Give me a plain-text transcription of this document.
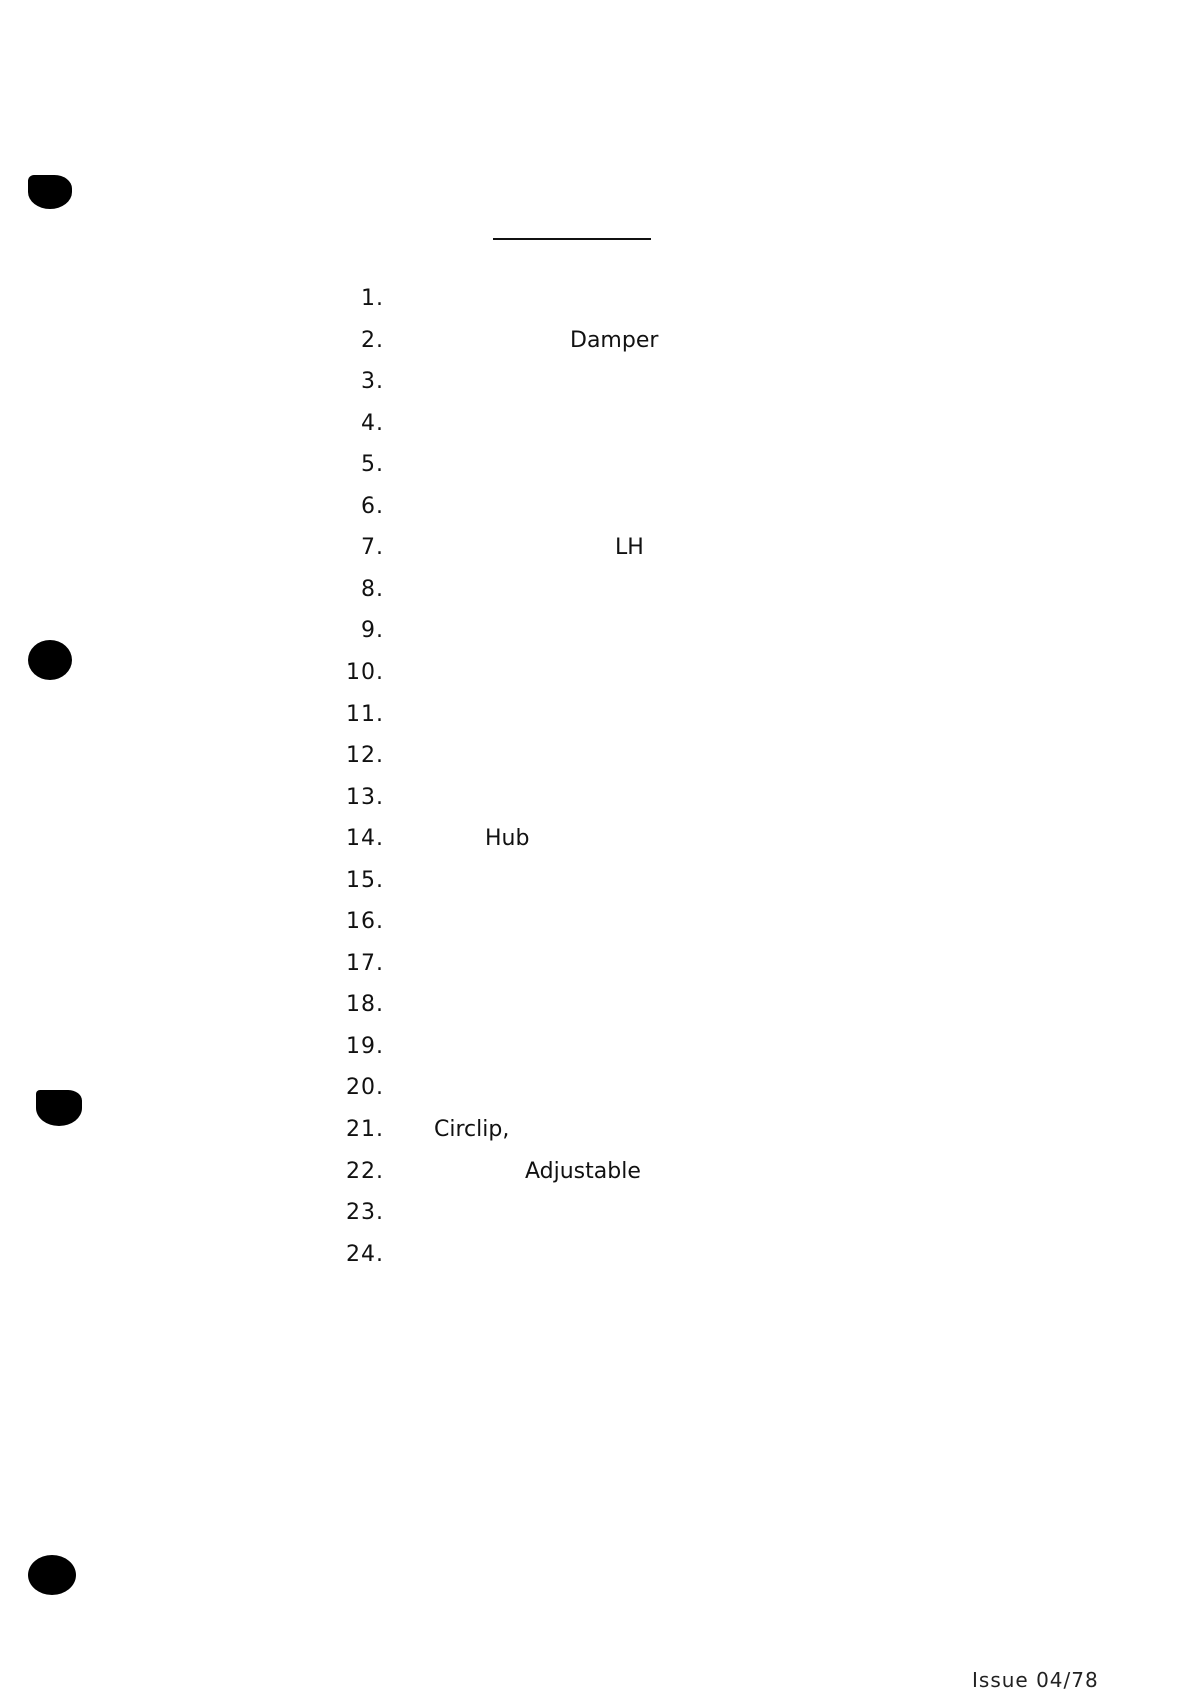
1.
2.	Damper
3.
4.
5.
6.
7.	LH
8.
9.
10.
11.
12.
13.
14.	Hub
15.
16.
17.
18.
19.
20.
21. Circlip,
22.	Adjustable
23.
24.
Issue 04/78
